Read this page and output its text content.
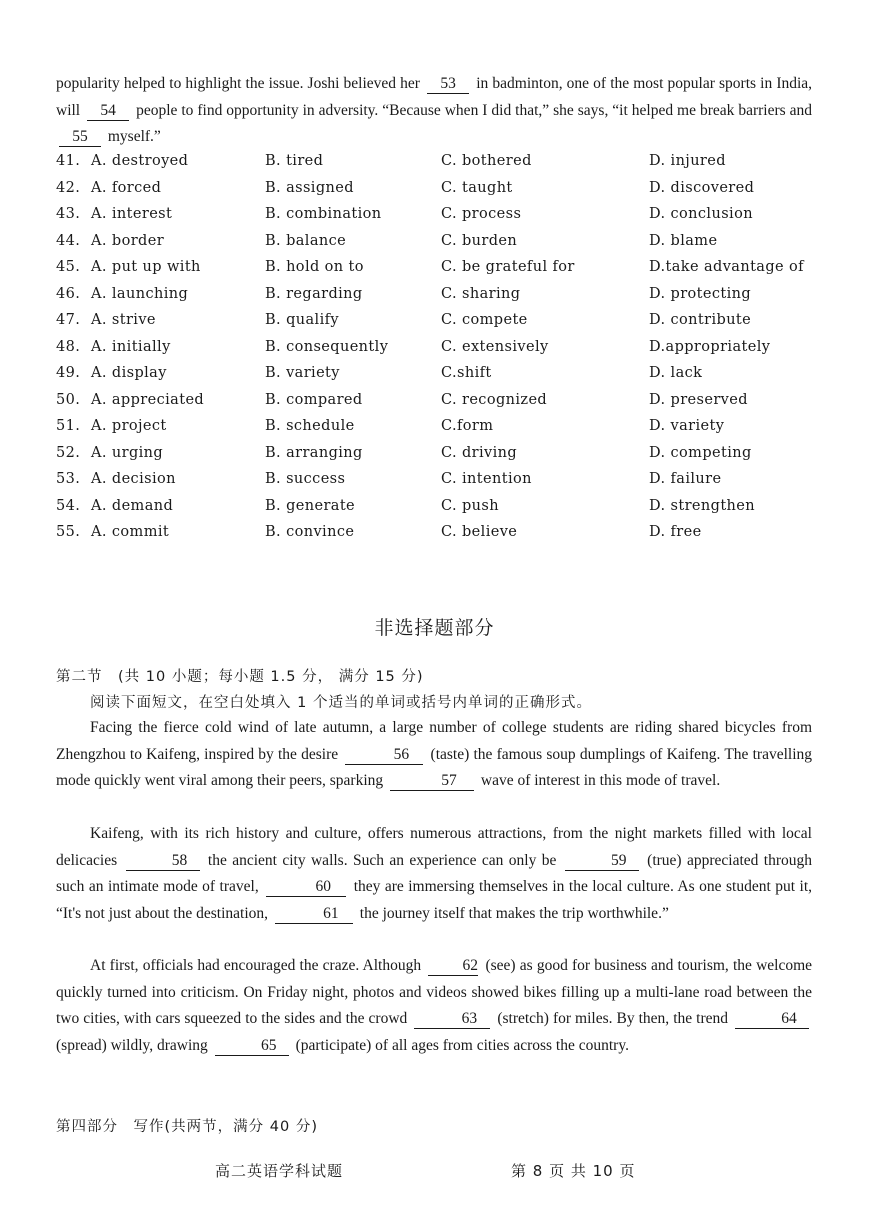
popularity helped to highlight the issue. Joshi believed her 53 in badminton, one of the most popular sports in India, will 54 people to find opportunity in adversity. “Because when I did that,” she says, “it helped me break barriers and 55 myself.”
41. A. destroyed	B. tired	C. bothered	D. injured
42. A. forced	B. assigned	C. taught	D. discovered
43. A. interest	B. combination	C. process	D. conclusion
44. A. border	B. balance	C. burden	D. blame
45. A. put up with	B. hold on to	C. be grateful for	D.take advantage of
46. A. launching	B. regarding	C. sharing	D. protecting
47. A. strive	B. qualify	C. compete	D. contribute
48. A. initially	B. consequently	C. extensively	D.appropriately
49. A. display	B. variety	C.shift	D. lack
50. A. appreciated	B. compared	C. recognized	D. preserved
51. A. project	B. schedule	C.form	D. variety
52. A. urging	B. arranging	C. driving	D. competing
53. A. decision	B. success	C. intention	D. failure
54. A. demand	B. generate	C. push	D. strengthen
55. A. commit	B. convince	C. believe	D. free
非选择题部分
第二节　(共 10 小题；每小题 1.5 分， 满分 15 分)
阅读下面短文，在空白处填入 1 个适当的单词或括号内单词的正确形式。
Facing the fierce cold wind of late autumn, a large number of college students are riding shared bicycles from Zhengzhou to Kaifeng, inspired by the desire	56 (taste) the famous soup dumplings of Kaifeng. The travelling mode quickly went viral among their peers, sparking	57 wave of interest in this mode of travel.
Kaifeng, with its rich history and culture, offers numerous attractions, from the night markets filled with local delicacies	58 the ancient city walls. Such an experience can only be	59 (true) appreciated through such an intimate mode of travel,	60 they are immersing themselves in the local culture. As one student put it, “It's not just about the destination,	61 the journey itself that makes the trip worthwhile.”
At first, officials had encouraged the craze. Although	62 (see) as good for business and tourism, the welcome quickly turned into criticism. On Friday night, photos and videos showed bikes filling up a multi-lane road between the two cities, with cars squeezed to the sides and the crowd	63 (stretch) for miles. By then, the trend	64 (spread) wildly, drawing	65 (participate) of all ages from cities across the country.
第四部分　写作(共两节，满分 40 分)
高二英语学科试题	第 8 页 共 10 页
